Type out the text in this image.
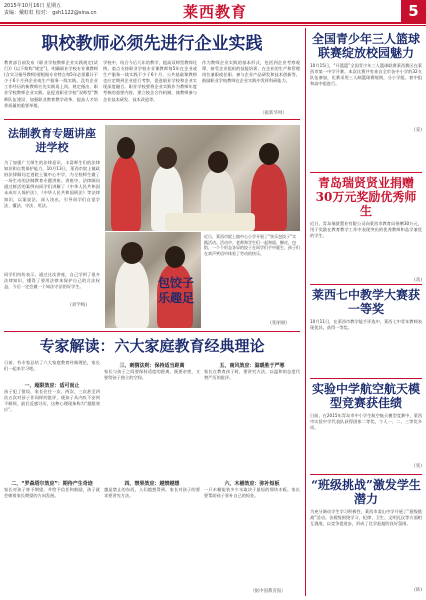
2015年10月16日 星期五
责编：戴虹虹 校对： gsh1122@sina.cn	莱西教育	5
职校教师必须先进行企业实践
教育部日前发布《职业学校教师企业实践规定(试行)》(以下简称“规定”)，明确职业学校专业课教师(含实习指导教师)要根据专业特点每5年必须累计不少于6个月到企业或生产服务一线实践，没有企业工作经历的新教师应先实践再上岗。规定指出，职业学校教师企业实践，是促进职业学校“双师型”教师队伍建设、加强职业教育教学改革、提高人才培养质量的重要举措。
学校中，结合今后几年的教学，提高双师型教师比例。重点支持职业学校专业课教师每5年在企业或生产服务一线实践不少于6个月，公共基础课教师也应定期到企业进行考察，促进职业学校和企业实现深度融合。职业学校要将企业实践作为教师年度考核的重要内容，建立校企合作机制，使教师参与企业技术研发、技术改造等。
作为教师企业实践的基本形式，包括到企业考察观摩、接受企业组织的技能培训、在企业的生产和管理岗位兼职或任职、参与企业产品研发和技术创新等。鼓励职业学校教师在企业实践中发挥科研能力。
（据新华网）
法制教育专题讲座进学校
为了加强广大师生的法律意识，丰富师生们的法律知识和自我保护能力，10月13日，莱西市院上镇政府法律顾问走进院上镇中心中学，为全校师生做了一场生动的法制教育专题讲座。讲座中，法律顾问通过鲜活的案例向同学们讲解了《中华人民共和国未成年人保护法》、《中华人民共和国刑法》等法律知识，以案说法，深入浅出，引导同学们自觉学法、懂法、守法、用法。
同学们纷纷表示，通过这次讲座，自己学到了很多法律知识，懂得了要用法律来保护自己的合法权益，今后一定会做一个知法守法的好学生。
(刘学梅)
包饺子
乐趣足
近日，莱西市院上镇中心小学开展了“快乐包饺子”实践活动。活动中，老师和学生们一起和面、擀皮、包馅，一个个形态各异的饺子在同学们手中诞生，孩子们在欢声笑语中体验了劳动的快乐。
(张丽丽)
专家解读：六大家庭教育经典理论
日前，有专家总结了六大家庭教育经典理论，家长们一起来学习吧。
一、超限效应：适可而止
孩子犯了错误，家长往往一次、两次、三次甚至四次五次对孩子作同样的批评，使孩子从内疚不安到不耐烦，最后反感讨厌。这种心理现象称为“超限效应”。
二、“罗森塔尔效应”：期待产生奇迹
家长对孩子寄予期望，并给予信任和鼓励，孩子就会朝着家长期望的方向发展。
三、刺猬法则：保持适当距离
家长与孩子之间要保持适度的距离，既要亲密，又要给孩子独立的空间。
四、禁果效应：越禁越想
越是禁止的东西，人们越想得到。家长对孩子的要求要讲究方法。
五、南风效应：温暖胜于严寒
家长在教育孩子时，要讲究方法，以温和的态度代替严厉的批评。
六、木桶效应：弥补短板
一只木桶能装多少水取决于最短的那块木板。家长要帮助孩子弥补自己的短处。
（据中国教育报）
全国青少年三人篮球联赛绽放校园魅力
10月15日，“开篮篮”全国青少年三人篮球联赛莱西赛区在莱西市第一中学开赛。本次比赛共有来自全市各中小学的32支队伍参加，比赛采用三人制篮球赛规则，分小学组、初中组和高中组进行。
(姜)
青岛瑞贤贤业捐赠30万元奖励优秀师生
近日，青岛瑞贤置业有限公司向莱西市教育局捐赠30万元，用于奖励在教育教学工作中表现突出的优秀教师和品学兼优的学生。
(高)
莱西七中教学大赛获一等奖
10月11日，在莱西市教学能手评选中，莱西七中青年教师表现优异，获得一等奖。
实验中学航空航天模型竞赛获佳绩
日前，在2015年青岛市中小学生航空航天模型竞赛中，莱西市实验中学代表队获得团体二等奖，个人一、二、三等奖多项。
(张)
“班级挑战”激发学生潜力
为充分调动学生学习积极性，莱西市姜山中学开展了“班级挑战”活动。各班级围绕学习、纪律、卫生、文明礼仪等方面相互挑战，以竞争促进步，形成了比学赶超的良好氛围。
(韩)
